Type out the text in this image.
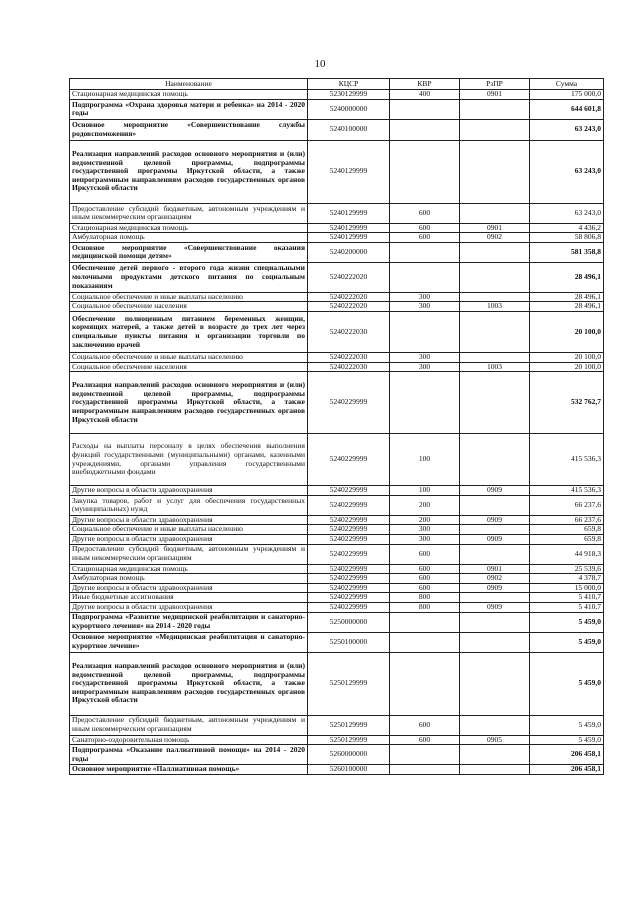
10
Наименование	КЦСР	КВР	РзПР	Сумма
Стационарная медицинская помощь	5230129999	400	0901	175 000,0
Подпрограмма «Охрана здоровья матери и ребенка» на 2014 - 2020 годы	5240000000			644 601,8
Основное мероприятие «Совершенствование службы родовспоможения»	5240100000			63 243,0
Реализация направлений расходов основного мероприятия и (или) ведомственной целевой программы, подпрограммы государственной программы Иркутской области, а также непрограммным направлениям расходов государственных органов Иркутской области	5240129999			63 243,0
Предоставление субсидий бюджетным, автономным учреждениям и иным некоммерческим организациям	5240129999	600		63 243,0
Стационарная медицинская помощь	5240129999	600	0901	4 436,2
Амбулаторная помощь	5240129999	600	0902	58 806,8
Основное мероприятие «Совершенствование оказания медицинской помощи детям»	5240200000			581 358,8
Обеспечение детей первого - второго года жизни специальными молочными продуктами детского питания по социальным показаниям	5240222020			28 496,1
Социальное обеспечение и иные выплаты населению	5240222020	300		28 496,1
Социальное обеспечение населения	5240222020	300	1003	28 496,1
Обеспечение полноценным питанием беременных женщин, кормящих матерей, а также детей в возрасте до трех лет через специальные пункты питания и организации торговли по заключению врачей	5240222030			20 100,0
Социальное обеспечение и иные выплаты населению	5240222030	300		20 100,0
Социальное обеспечение населения	5240222030	300	1003	20 100,0
Реализация направлений расходов основного мероприятия и (или) ведомственной целевой программы, подпрограммы государственной программы Иркутской области, а также непрограммным направлениям расходов государственных органов Иркутской области	5240229999			532 762,7
Расходы на выплаты персоналу в целях обеспечения выполнения функций государственными (муниципальными) органами, казенными учреждениями, органами управления государственными внебюджетными фондами	5240229999	100		415 536,3
Другие вопросы в области здравоохранения	5240229999	100	0909	415 536,3
Закупка товаров, работ и услуг для обеспечения государственных (муниципальных) нужд	5240229999	200		66 237,6
Другие вопросы в области здравоохранения	5240229999	200	0909	66 237,6
Социальное обеспечение и иные выплаты населению	5240229999	300		659,8
Другие вопросы в области здравоохранения	5240229999	300	0909	659,8
Предоставление субсидий бюджетным, автономным учреждениям и иным некоммерческим организациям	5240229999	600		44 918,3
Стационарная медицинская помощь	5240229999	600	0901	25 539,6
Амбулаторная помощь	5240229999	600	0902	4 378,7
Другие вопросы в области здравоохранения	5240229999	600	0909	15 000,0
Иные бюджетные ассигнования	5240229999	800		5 410,7
Другие вопросы в области здравоохранения	5240229999	800	0909	5 410,7
Подпрограмма «Развитие медицинской реабилитации и санаторно-курортного лечения» на 2014 - 2020 годы	5250000000			5 459,0
Основное мероприятие «Медицинская реабилитация и санаторно-курортное лечение»	5250100000			5 459,0
Реализация направлений расходов основного мероприятия и (или) ведомственной целевой программы, подпрограммы государственной программы Иркутской области, а также непрограммным направлениям расходов государственных органов Иркутской области	5250129999			5 459,0
Предоставление субсидий бюджетным, автономным учреждениям и иным некоммерческим организациям	5250129999	600		5 459,0
Санаторно-оздоровительная помощь	5250129999	600	0905	5 459,0
Подпрограмма «Оказание паллиативной помощи» на 2014 - 2020 годы	5260000000			206 458,1
Основное мероприятие «Паллиативная помощь»	5260100000			206 458,1
